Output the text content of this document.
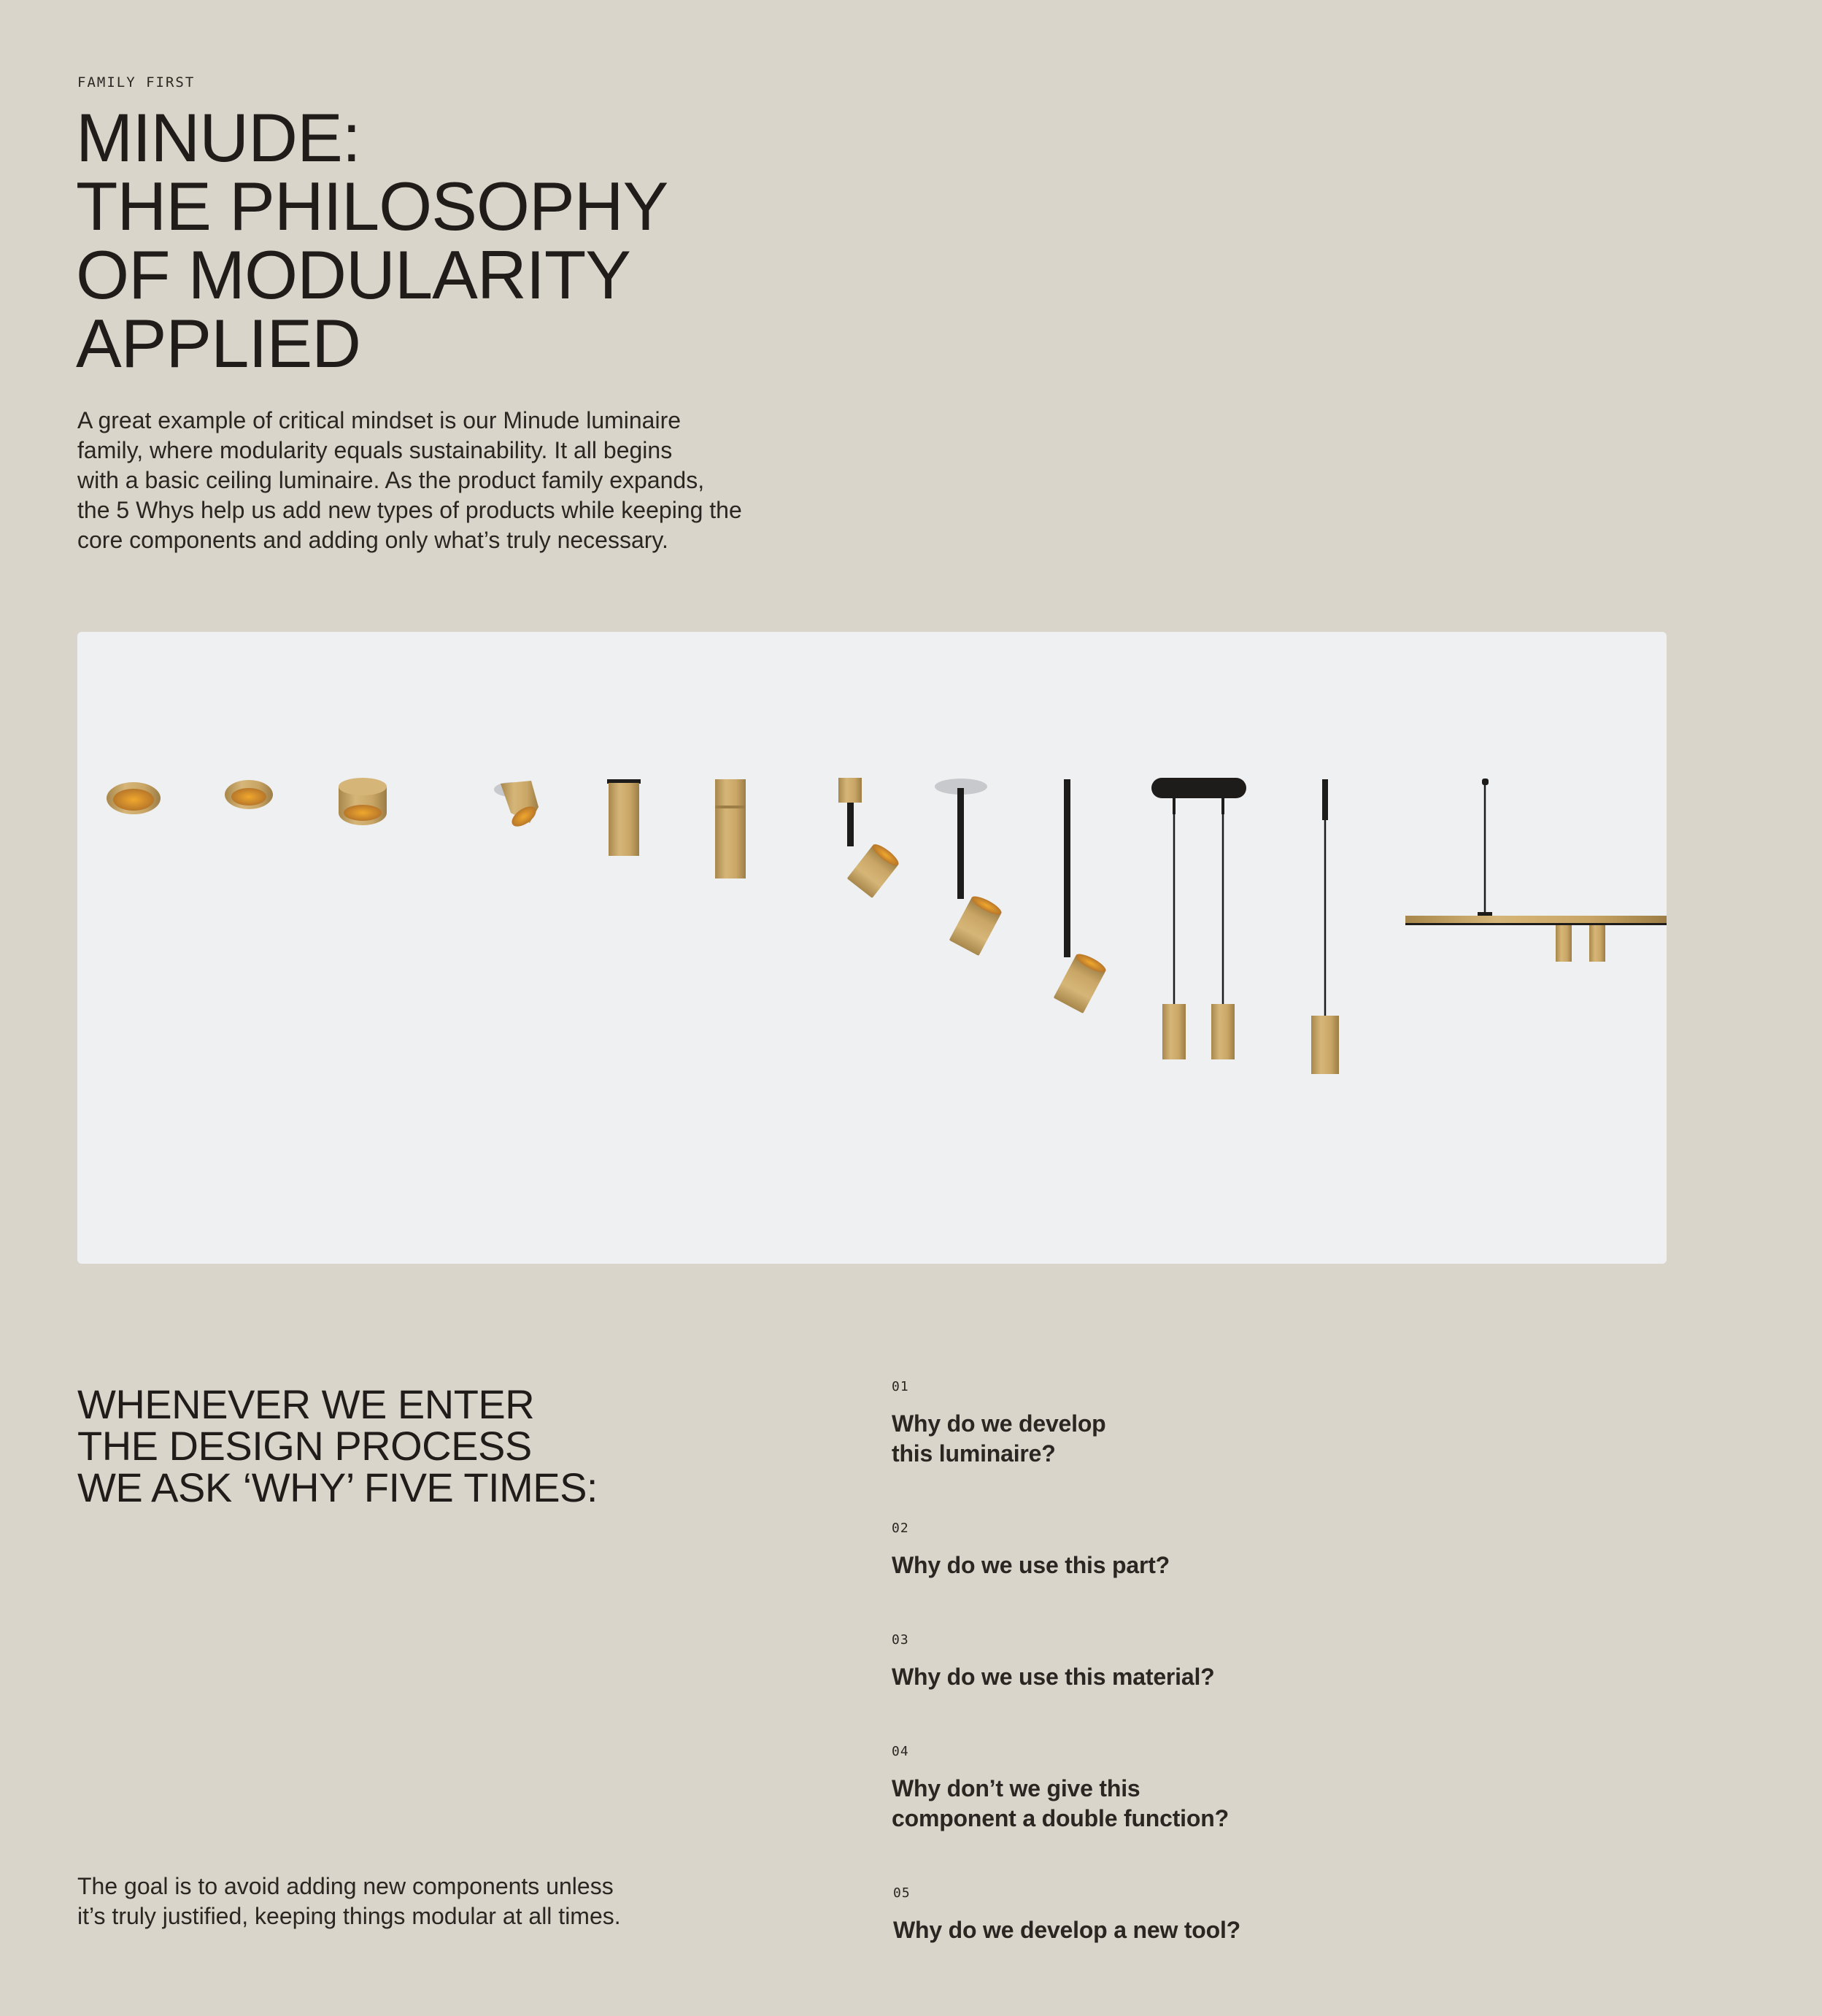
FAMILY FIRST
MINUDE:
THE PHILOSOPHY
OF MODULARITY
APPLIED

A great example of critical mindset is our Minude luminaire
family, where modularity equals sustainability. It all begins
with a basic ceiling luminaire. As the product family expands,
the 5 Whys help us add new types of products while keeping the
core components and adding only what’s truly necessary.

WHENEVER WE ENTER
THE DESIGN PROCESS
WE ASK ‘WHY’ FIVE TIMES:

The goal is to avoid adding new components unless
it’s truly justified, keeping things modular at all times.

01
Why do we develop
this luminaire?
02
Why do we use this part?
03
Why do we use this material?
04
Why don’t we give this
component a double function?
05
Why do we develop a new tool?
